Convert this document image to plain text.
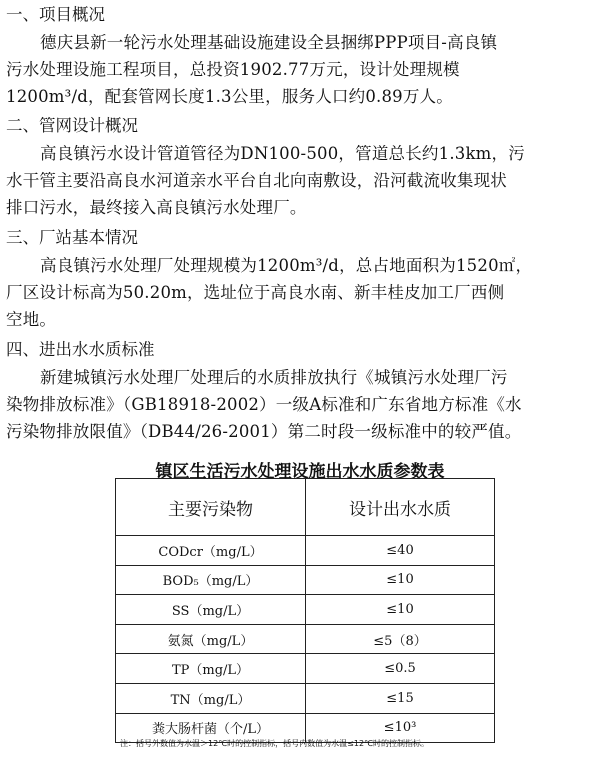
一、项目概况
德庆县新一轮污水处理基础设施建设全县捆绑PPP项目-高良镇
污水处理设施工程项目，总投资1902.77万元，设计处理规模
1200m³/d，配套管网长度1.3公里，服务人口约0.89万人。
二、管网设计概况
高良镇污水设计管道管径为DN100-500，管道总长约1.3km，污
水干管主要沿高良水河道亲水平台自北向南敷设，沿河截流收集现状
排口污水，最终接入高良镇污水处理厂。
三、厂站基本情况
高良镇污水处理厂处理规模为1200m³/d，总占地面积为1520㎡，
厂区设计标高为50.20m，选址位于高良水南、新丰桂皮加工厂西侧
空地。
四、进出水水质标准
新建城镇污水处理厂处理后的水质排放执行《城镇污水处理厂污
染物排放标准》（GB18918-2002）一级A标准和广东省地方标准《水
污染物排放限值》（DB44/26-2001）第二时段一级标准中的较严值。
镇区生活污水处理设施出水水质参数表
主要污染物	设计出水水质
CODcr（mg/L）	≤40
BOD₅（mg/L）	≤10
SS（mg/L）	≤10
氨氮（mg/L）	≤5（8）
TP（mg/L）	≤0.5
TN（mg/L）	≤15
粪大肠杆菌（个/L）	≤10³
注：括号外数值为水温＞12℃时的控制指标，括号内数值为水温≤12℃时的控制指标。
